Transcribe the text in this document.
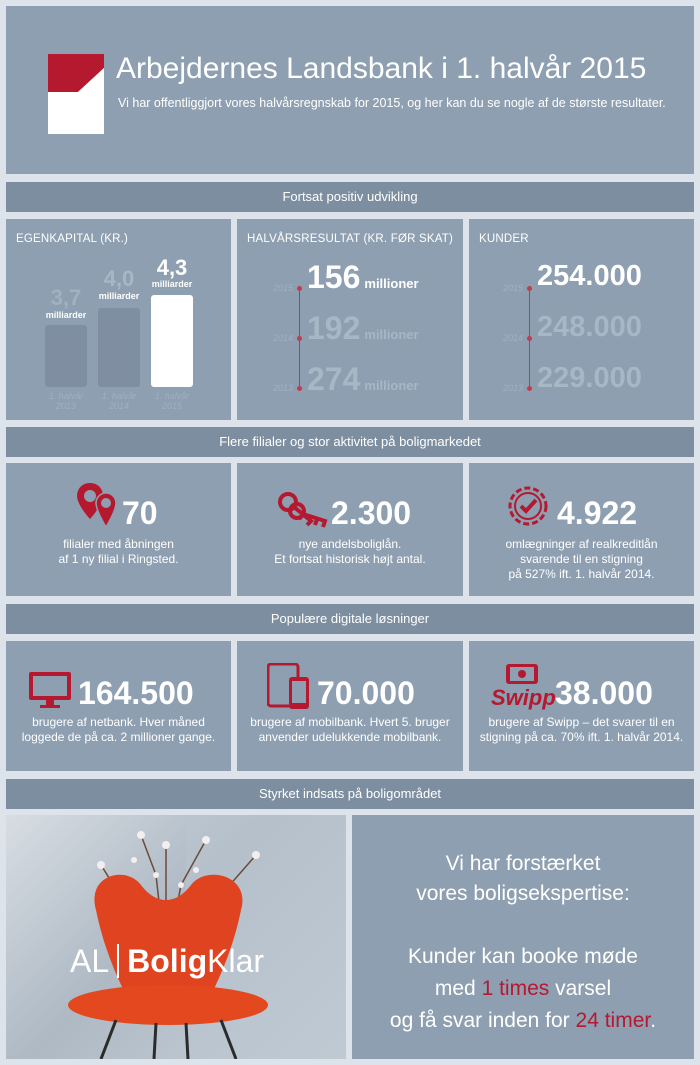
Arbejdernes Landsbank i 1. halvår 2015
Vi har offentliggjort vores halvårsregnskab for 2015, og her kan du se nogle af de største resultater.
Fortsat positiv udvikling
EGENKAPITAL (KR.)
3,7
milliarder
1. halvår
2013
4,0
milliarder
1. halvår
2014
4,3
milliarder
1. halvår
2015
HALVÅRSRESULTAT (KR. FØR SKAT)
2015
2014
2013
156 millioner
192 millioner
274 millioner
KUNDER
2015
2014
2013
254.000
248.000
229.000
Flere filialer og stor aktivitet på boligmarkedet
70
filialer med åbningen
af 1 ny filial i Ringsted.
2.300
nye andelsboliglån.
Et fortsat historisk højt antal.
4.922
omlægninger af realkreditlån
svarende til en stigning
på 527% ift. 1. halvår 2014.
Populære digitale løsninger
164.500
brugere af netbank. Hver måned
loggede de på ca. 2 millioner gange.
70.000
brugere af mobilbank. Hvert 5. bruger
anvender udelukkende mobilbank.
Swipp 38.000
brugere af Swipp – det svarer til en
stigning på ca. 70% ift. 1. halvår 2014.
Styrket indsats på boligområdet
AL BoligKlar
Vi har forstærket
vores boligsekspertise:
Kunder kan booke møde
med 1 times varsel
og få svar inden for 24 timer.
